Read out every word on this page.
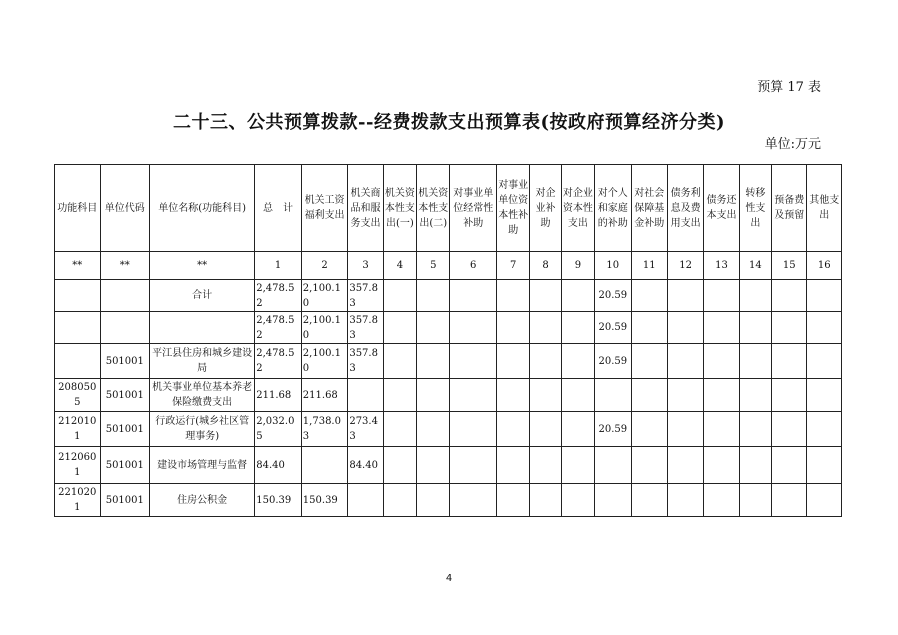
预算 17 表
二十三、公共预算拨款--经费拨款支出预算表(按政府预算经济分类)
单位:万元
功能科目	单位代码	单位名称(功能科目)	总　计	机关工资福利支出	机关商品和服务支出	机关资本性支出(一)	机关资本性支出(二)	对事业单位经常性补助	对事业单位资本性补助	对企业补助	对企业资本性支出	对个人和家庭的补助	对社会保障基金补助	债务利息及费用支出	债务还本支出	转移性支出	预备费及预留	其他支出
**	**	**	1	2	3	4	5	6	7	8	9	10	11	12	13	14	15	16
		合计	2,478.52	2,100.10	357.83							20.59						
			2,478.52	2,100.10	357.83							20.59						
	501001	平江县住房和城乡建设局	2,478.52	2,100.10	357.83							20.59						
2080505	501001	机关事业单位基本养老保险缴费支出	211.68	211.68														
2120101	501001	行政运行(城乡社区管理事务)	2,032.05	1,738.03	273.43							20.59						
2120601	501001	建设市场管理与监督	84.40		84.40													
2210201	501001	住房公积金	150.39	150.39														
4
